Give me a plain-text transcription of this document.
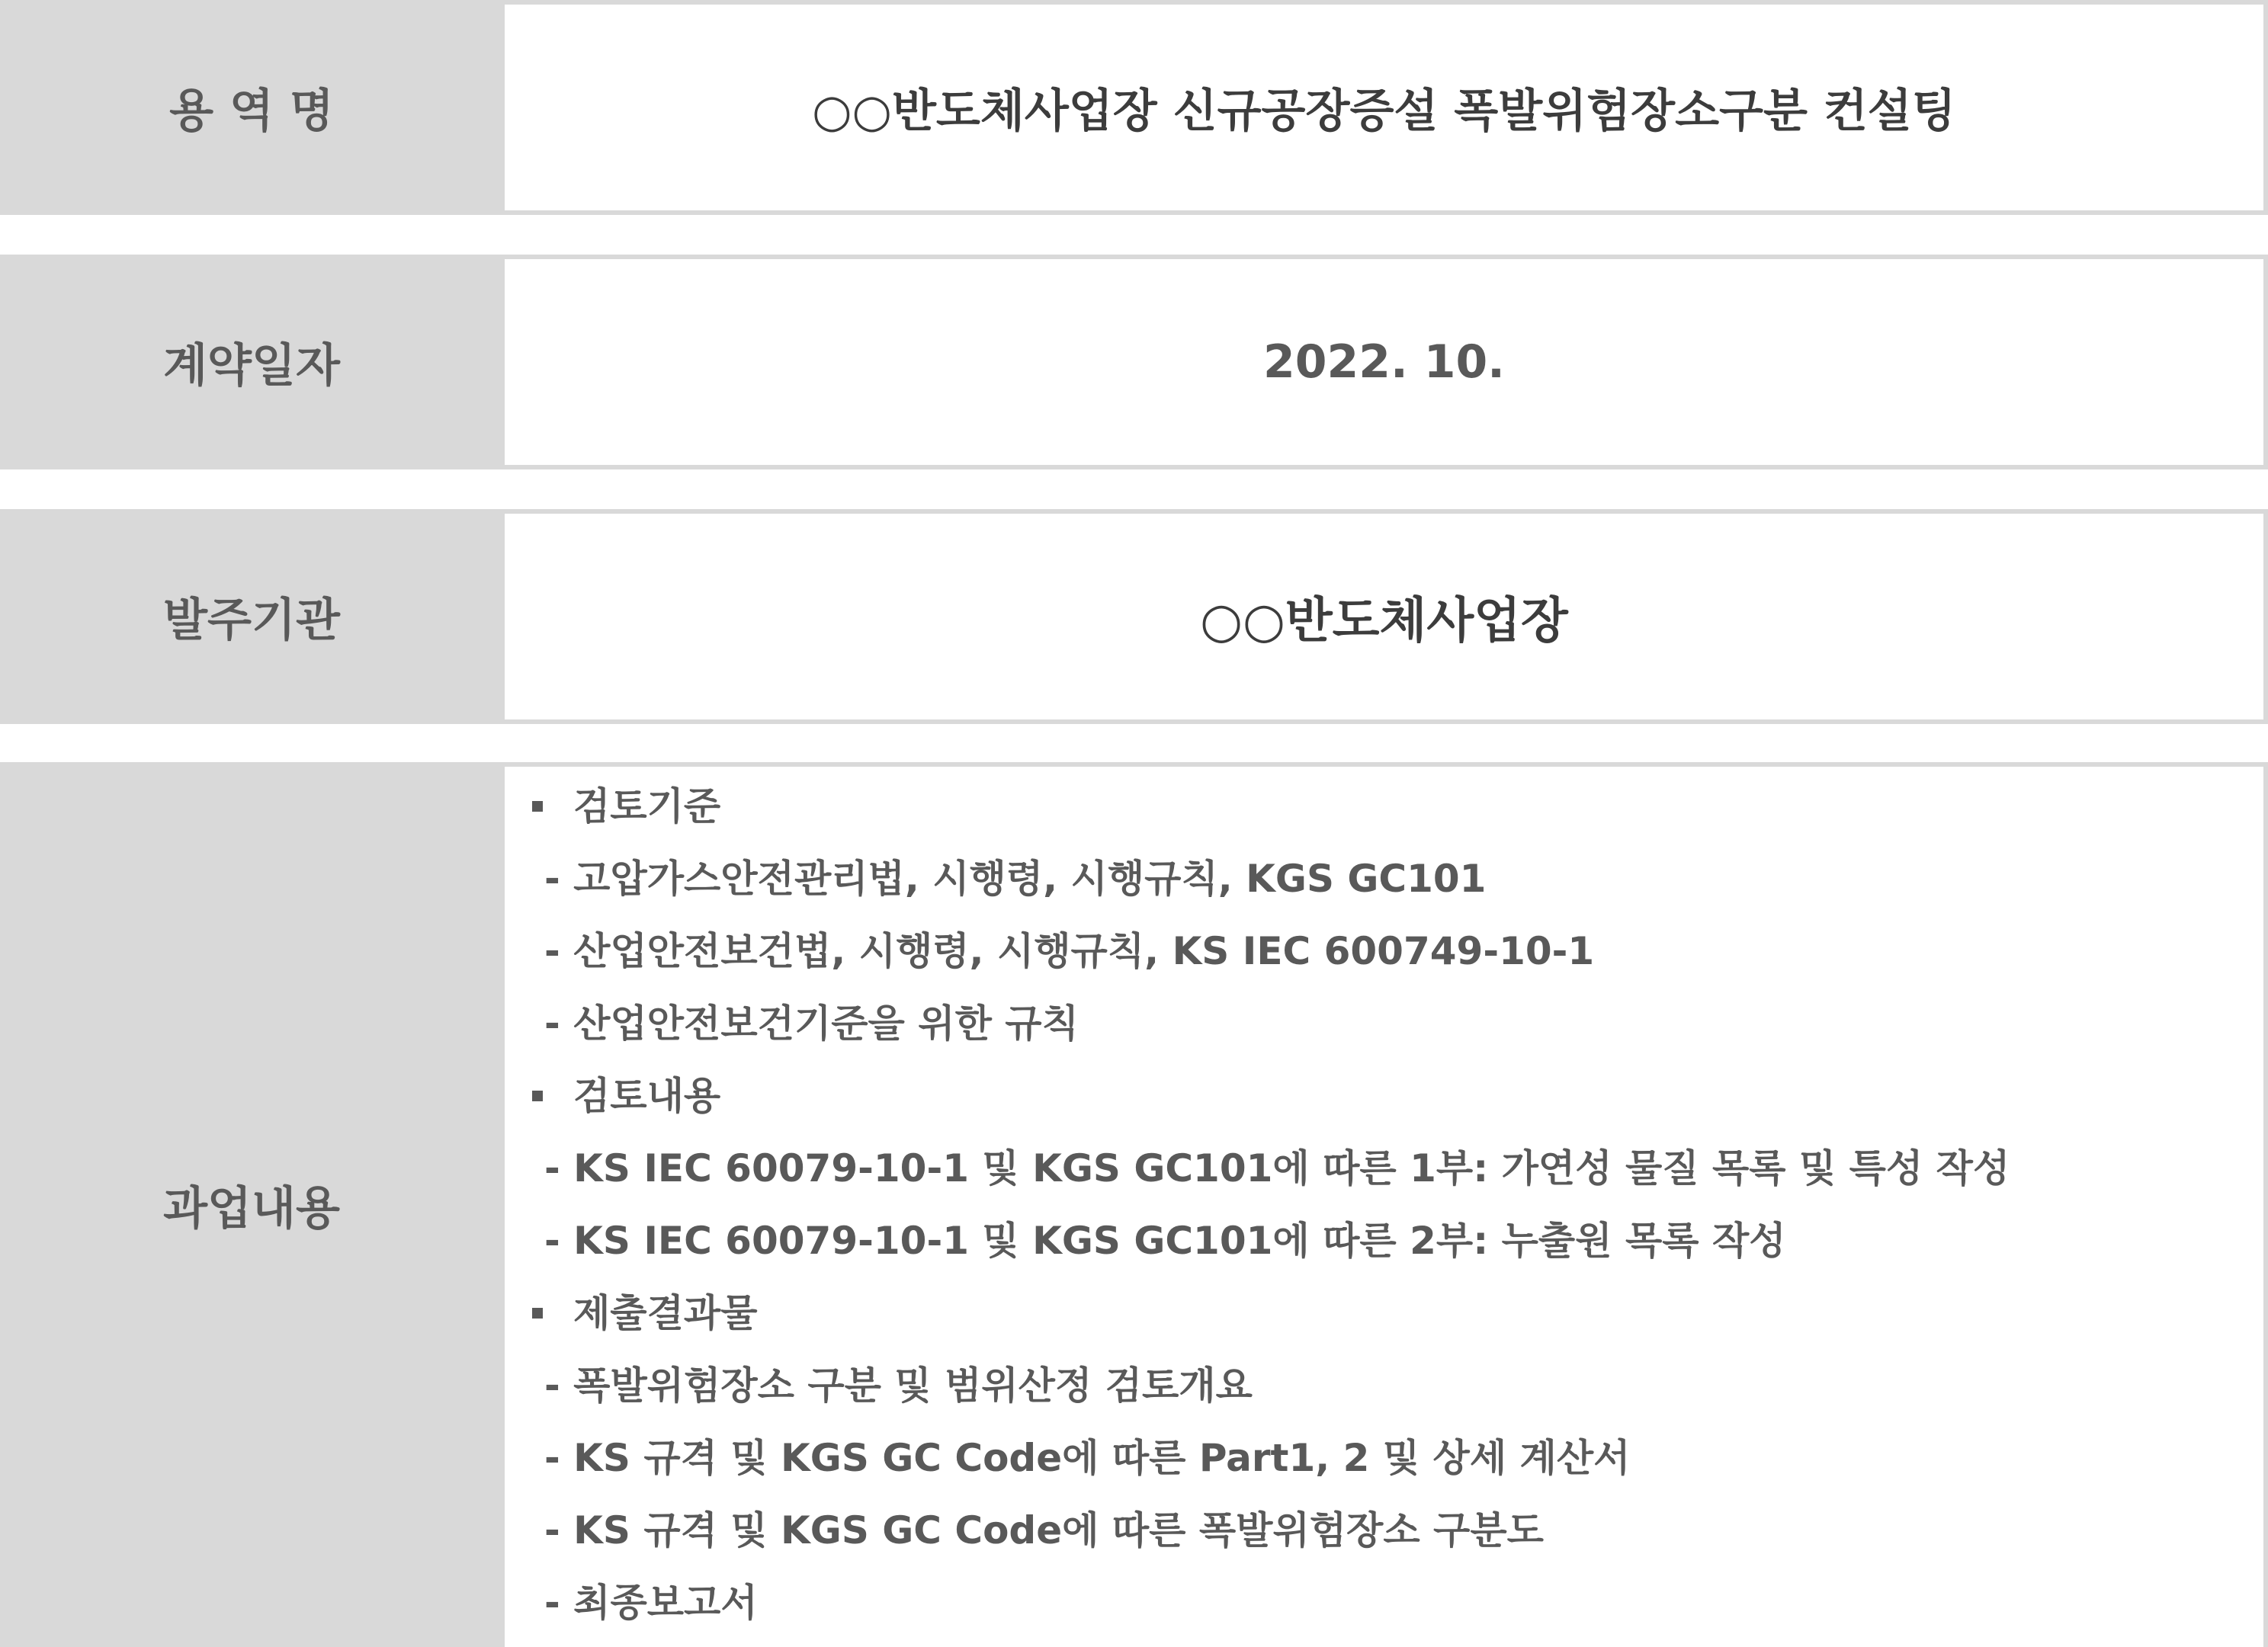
용 역 명	○○반도체사업장 신규공장증설 폭발위험장소구분 컨설팅
계약일자	2022. 10.
발주기관	○○반도체사업장
과업내용
검토기준
- 고압가스안전관리법, 시행령, 시행규칙, KGS GC101
- 산업안전보건법, 시행령, 시행규칙, KS IEC 600749-10-1
- 산업안전보건기준을 위한 규칙
검토내용
- KS IEC 60079-10-1 및 KGS GC101에 따른 1부: 가연성 물질 목록 및 특성 작성
- KS IEC 60079-10-1 및 KGS GC101에 따른 2부: 누출원 목록 작성
제출결과물
- 폭발위험장소 구분 및 범위산정 검토개요
- KS 규격 및 KGS GC Code에 따른 Part1, 2 및 상세 계산서
- KS 규격 및 KGS GC Code에 따른 폭발위험장소 구분도
- 최종보고서
